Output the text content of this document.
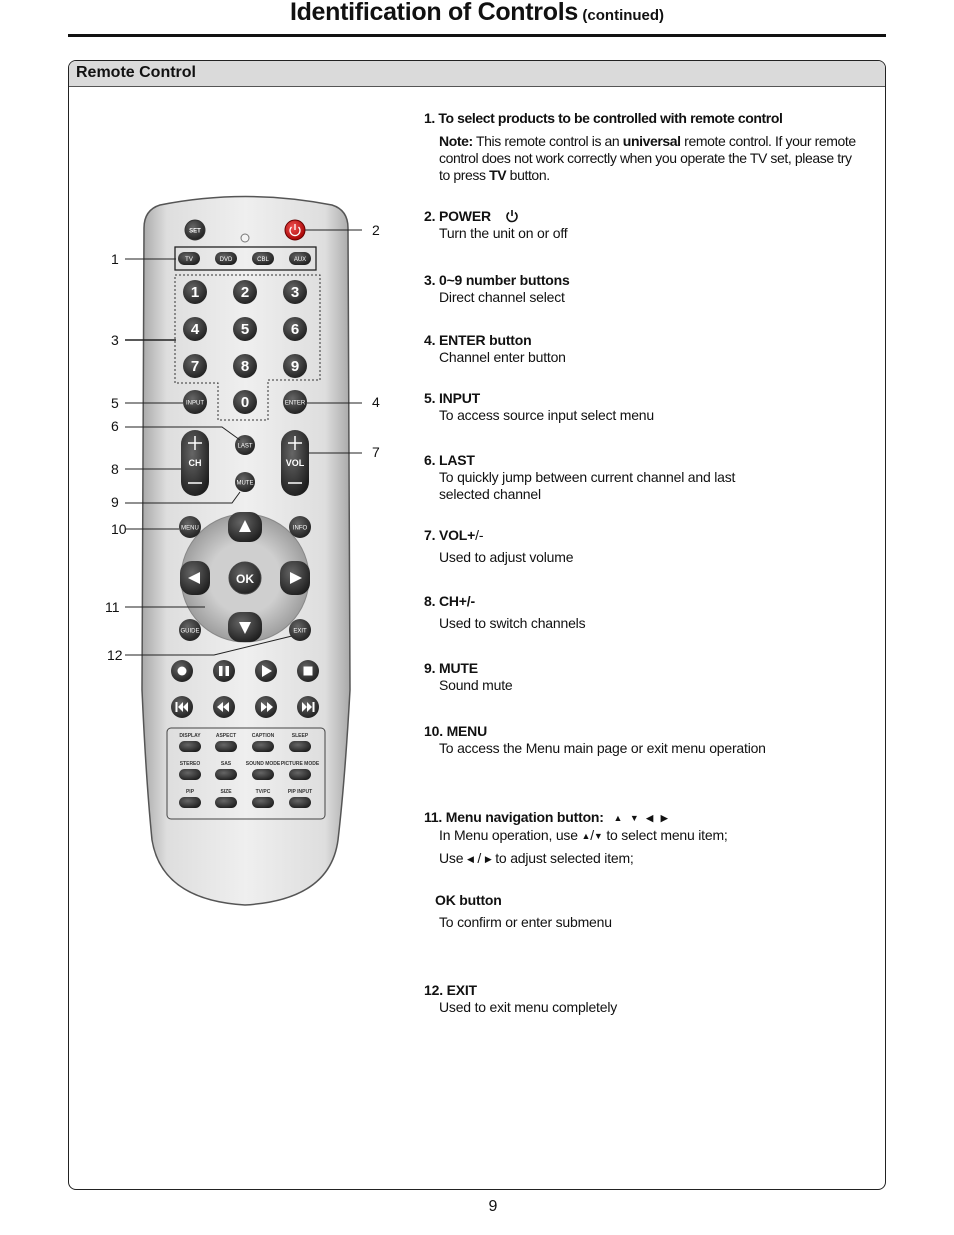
Identification of Controls (continued)
Remote Control
SET
TV	DVD	CBL	AUX
1	2	3
4	5	6
7	8	9
0
INPUT	ENTER
CH	VOL
LAST
MUTE
MENU	INFO
GUIDE	EXIT
OK
DISPLAY	ASPECT	CAPTION	SLEEP
STEREO	SAS	SOUND MODE PICTURE MODE
PIP	SIZE	TV/PC	PIP INPUT
1
2
3
4
5
6
7
8
9
10
11
12
1. To select products to be controlled with remote control
Note: This remote control is an universal remote control. If your remote control does not work correctly when you operate the TV set, please try to press TV button.
2. POWER
Turn the unit on or off
3. 0~9 number buttons
Direct channel select
4. ENTER button
Channel enter button
5. INPUT
To access source input select menu
6. LAST
To quickly jump between current channel and last selected channel
7. VOL+/-
Used to adjust volume
8. CH+/-
Used to switch channels
9. MUTE
Sound mute
10. MENU
To access the Menu main page or exit menu operation
11. Menu navigation button: ▲ ▼ ◀ ▶
In Menu operation, use ▲/▼ to select menu item;
Use ◀ / ▶ to adjust selected item;
OK button
To confirm or enter submenu
12. EXIT
Used to exit menu completely
9
